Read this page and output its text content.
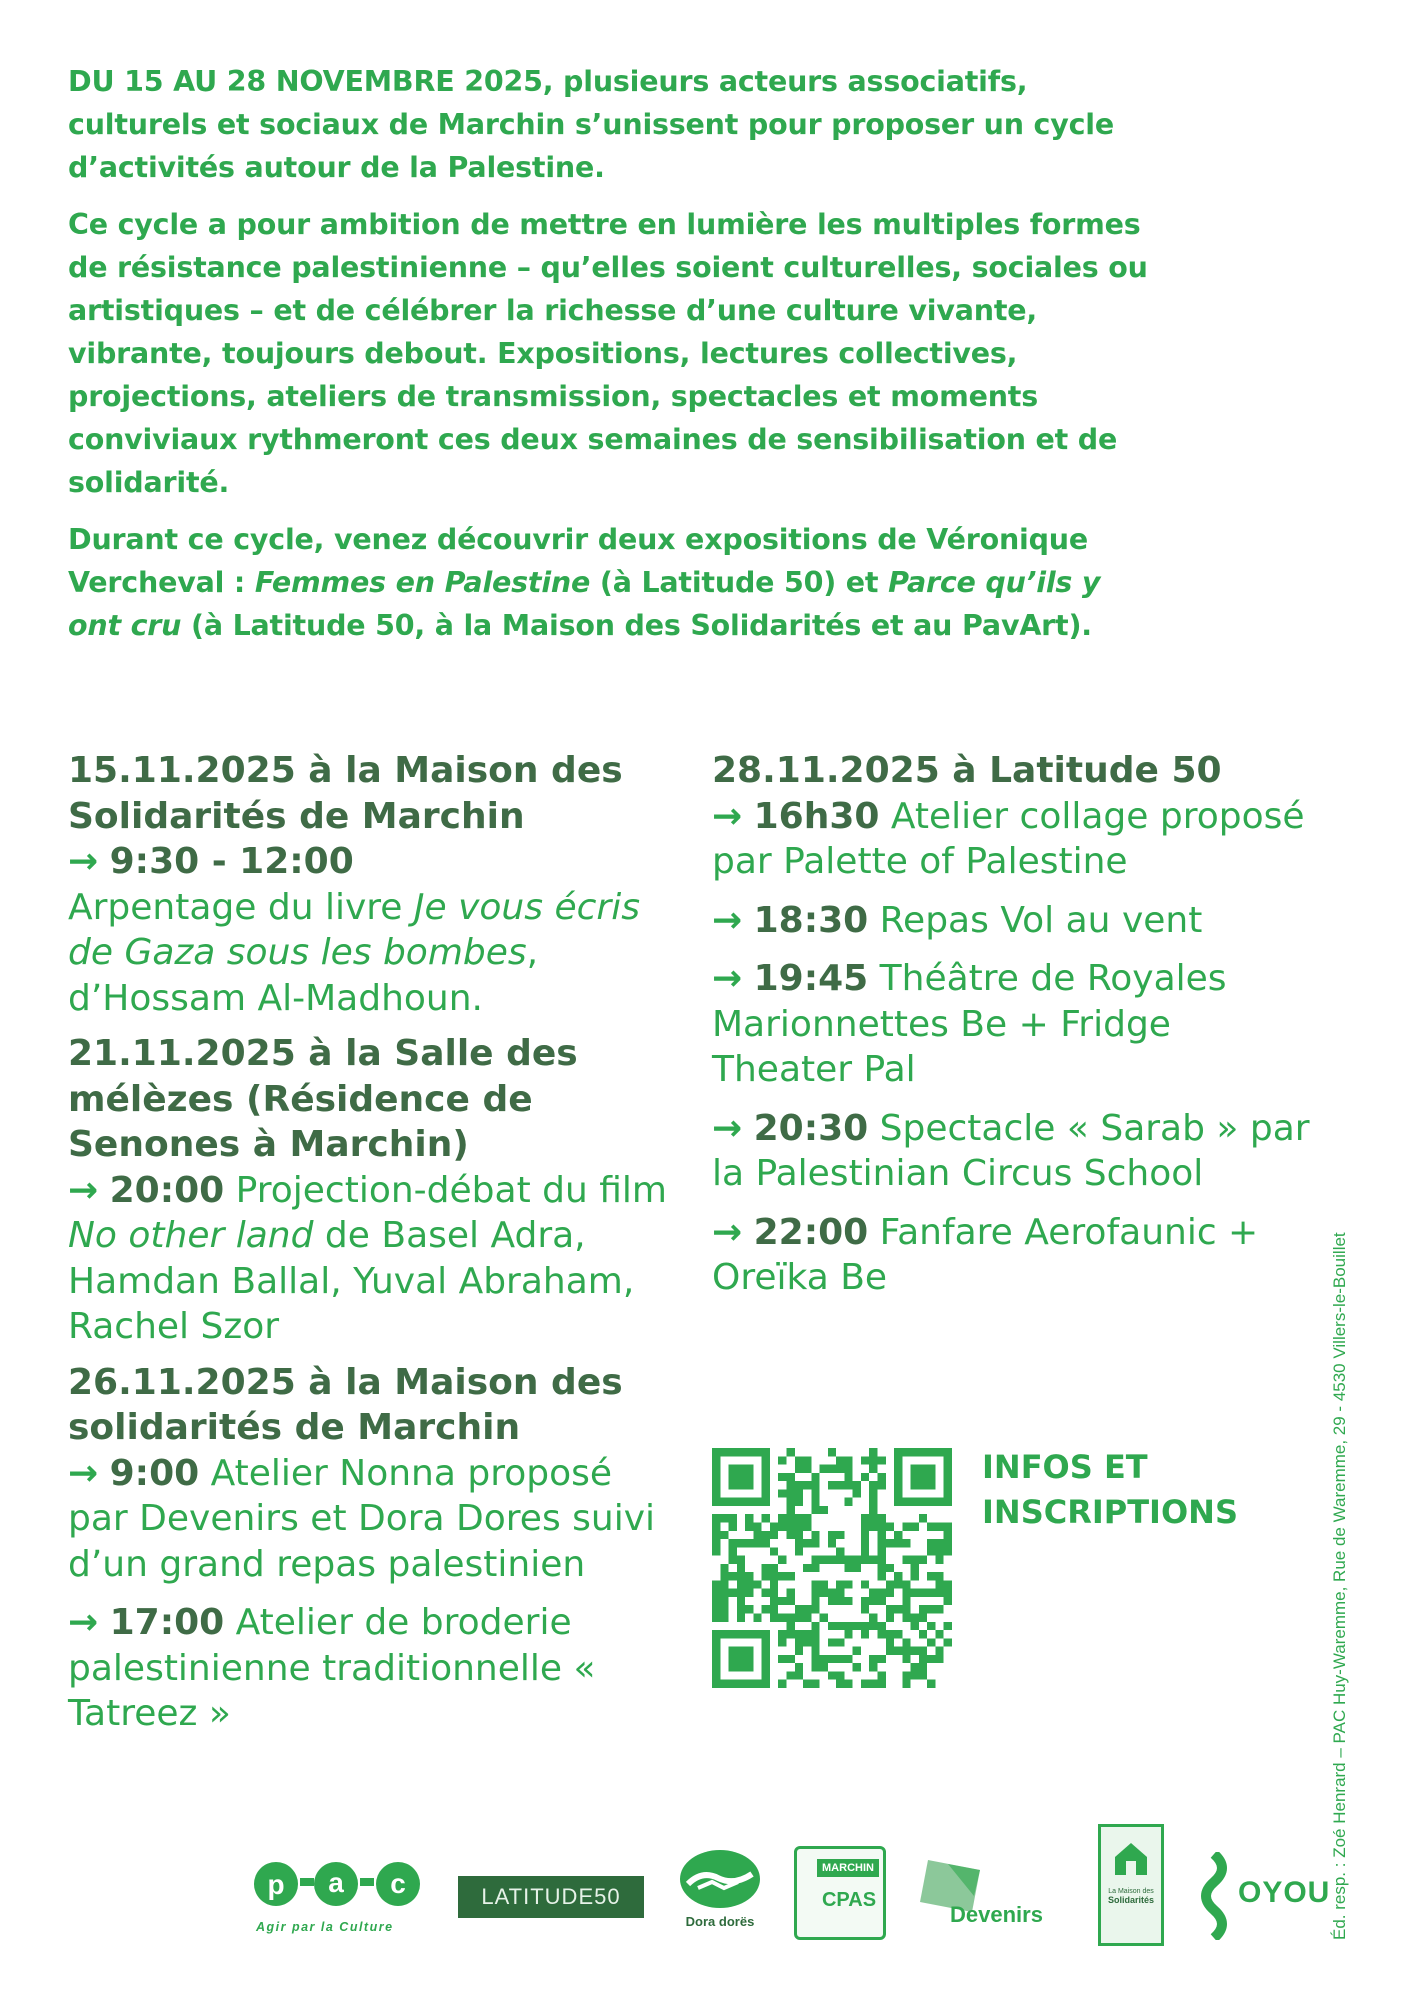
DU 15 AU 28 NOVEMBRE 2025, plusieurs acteurs associatifs, culturels et sociaux de Marchin s’unissent pour proposer un cycle d’activités autour de la Palestine.

Ce cycle a pour ambition de mettre en lumière les multiples formes de résistance palestinienne – qu’elles soient culturelles, sociales ou artistiques – et de célébrer la richesse d’une culture vivante, vibrante, toujours debout. Expositions, lectures collectives, projections, ateliers de transmission, spectacles et moments conviviaux rythmeront ces deux semaines de sensibilisation et de solidarité.

Durant ce cycle, venez découvrir deux expositions de Véronique Vercheval : Femmes en Palestine (à Latitude 50) et Parce qu’ils y ont cru (à Latitude 50, à la Maison des Solidarités et au PavArt).

15.11.2025 à la Maison des Solidarités de Marchin
→ 9:30 - 12:00
Arpentage du livre Je vous écris de Gaza sous les bombes, d’Hossam Al-Madhoun.
21.11.2025 à la Salle des mélèzes (Résidence de Senones à Marchin)
→ 20:00 Projection-débat du film No other land de Basel Adra, Hamdan Ballal, Yuval Abraham, Rachel Szor
26.11.2025 à la Maison des solidarités de Marchin
→ 9:00 Atelier Nonna proposé par Devenirs et Dora Dores suivi d’un grand repas palestinien
→ 17:00 Atelier de broderie palestinienne traditionnelle « Tatreez »
28.11.2025 à Latitude 50
→ 16h30 Atelier collage proposé par Palette of Palestine
→ 18:30 Repas Vol au vent
→ 19:45 Théâtre de Royales Marionnettes Be + Fridge Theater Pal
→ 20:30 Spectacle « Sarab » par la Palestinian Circus School
→ 22:00 Fanfare Aerofaunic + Oreïka Be
INFOS ET INSCRIPTIONS	Éd. resp. : Zoé Henrard – PAC Huy-Waremme, Rue de Waremme, 29 - 4530 Villers-le-Bouillet
p a c
Agir par la Culture
LATITUDE50
Dora dorës
MARCHIN
CPAS
Devenirs
La Maison des
Solidarités	OYOU
